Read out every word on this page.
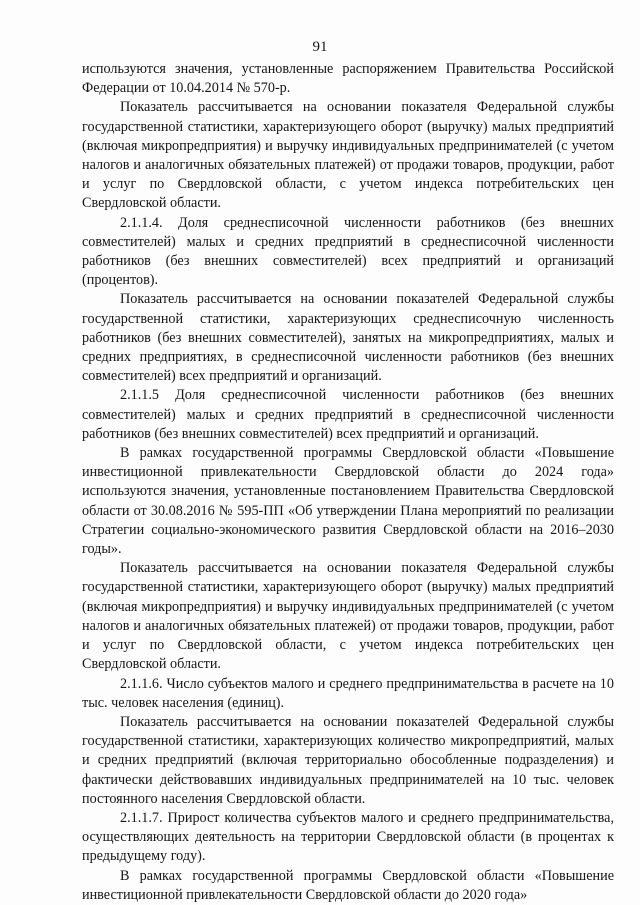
91

используются значения, установленные распоряжением Правительства Российской Федерации от 10.04.2014 № 570-р.

Показатель рассчитывается на основании показателя Федеральной службы государственной статистики, характеризующего оборот (выручку) малых предприятий (включая микропредприятия) и выручку индивидуальных предпринимателей (с учетом налогов и аналогичных обязательных платежей) от продажи товаров, продукции, работ и услуг по Свердловской области, с учетом индекса потребительских цен Свердловской области.

2.1.1.4. Доля среднесписочной численности работников (без внешних совместителей) малых и средних предприятий в среднесписочной численности работников (без внешних совместителей) всех предприятий и организаций (процентов).

Показатель рассчитывается на основании показателей Федеральной службы государственной статистики, характеризующих среднесписочную численность работников (без внешних совместителей), занятых на микропредприятиях, малых и средних предприятиях, в среднесписочной численности работников (без внешних совместителей) всех предприятий и организаций.

2.1.1.5 Доля среднесписочной численности работников (без внешних совместителей) малых и средних предприятий в среднесписочной численности работников (без внешних совместителей) всех предприятий и организаций.

В рамках государственной программы Свердловской области «Повышение инвестиционной привлекательности Свердловской области до 2024 года» используются значения, установленные постановлением Правительства Свердловской области от 30.08.2016 № 595-ПП «Об утверждении Плана мероприятий по реализации Стратегии социально-экономического развития Свердловской области на 2016–2030 годы».

Показатель рассчитывается на основании показателя Федеральной службы государственной статистики, характеризующего оборот (выручку) малых предприятий (включая микропредприятия) и выручку индивидуальных предпринимателей (с учетом налогов и аналогичных обязательных платежей) от продажи товаров, продукции, работ и услуг по Свердловской области, с учетом индекса потребительских цен Свердловской области.

2.1.1.6. Число субъектов малого и среднего предпринимательства в расчете на 10 тыс. человек населения (единиц).

Показатель рассчитывается на основании показателей Федеральной службы государственной статистики, характеризующих количество микропредприятий, малых и средних предприятий (включая территориально обособленные подразделения) и фактически действовавших индивидуальных предпринимателей на 10 тыс. человек постоянного населения Свердловской области.

2.1.1.7. Прирост количества субъектов малого и среднего предпринимательства, осуществляющих деятельность на территории Свердловской области (в процентах к предыдущему году).

В рамках государственной программы Свердловской области «Повышение инвестиционной привлекательности Свердловской области до 2020 года»
